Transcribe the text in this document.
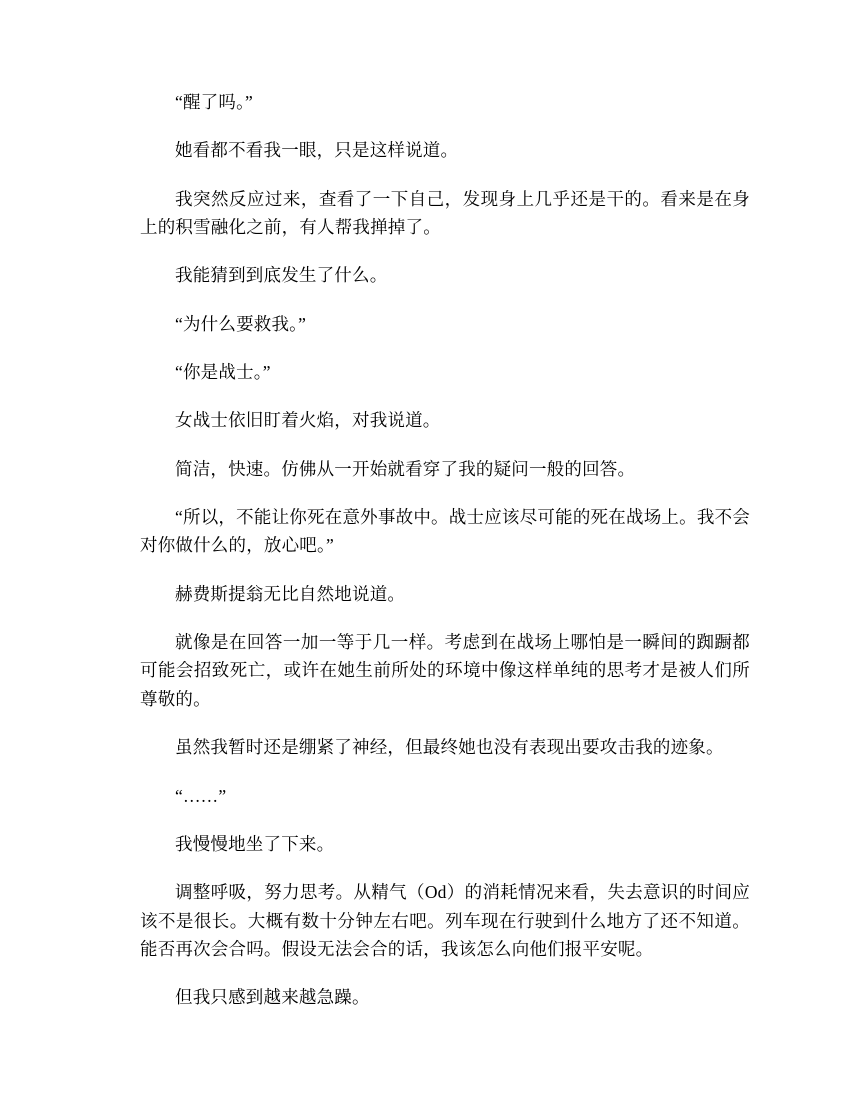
“醒了吗。”

她看都不看我一眼，只是这样说道。

我突然反应过来，查看了一下自己，发现身上几乎还是干的。看来是在身上的积雪融化之前，有人帮我掸掉了。

我能猜到到底发生了什么。

“为什么要救我。”

“你是战士。”

女战士依旧盯着火焰，对我说道。

简洁，快速。仿佛从一开始就看穿了我的疑问一般的回答。

“所以，不能让你死在意外事故中。战士应该尽可能的死在战场上。我不会对你做什么的，放心吧。”

赫费斯提翁无比自然地说道。

就像是在回答一加一等于几一样。考虑到在战场上哪怕是一瞬间的踟蹰都可能会招致死亡，或许在她生前所处的环境中像这样单纯的思考才是被人们所尊敬的。

虽然我暂时还是绷紧了神经，但最终她也没有表现出要攻击我的迹象。

“……”

我慢慢地坐了下来。

调整呼吸，努力思考。从精气（Od）的消耗情况来看，失去意识的时间应该不是很长。大概有数十分钟左右吧。列车现在行驶到什么地方了还不知道。能否再次会合吗。假设无法会合的话，我该怎么向他们报平安呢。

但我只感到越来越急躁。
